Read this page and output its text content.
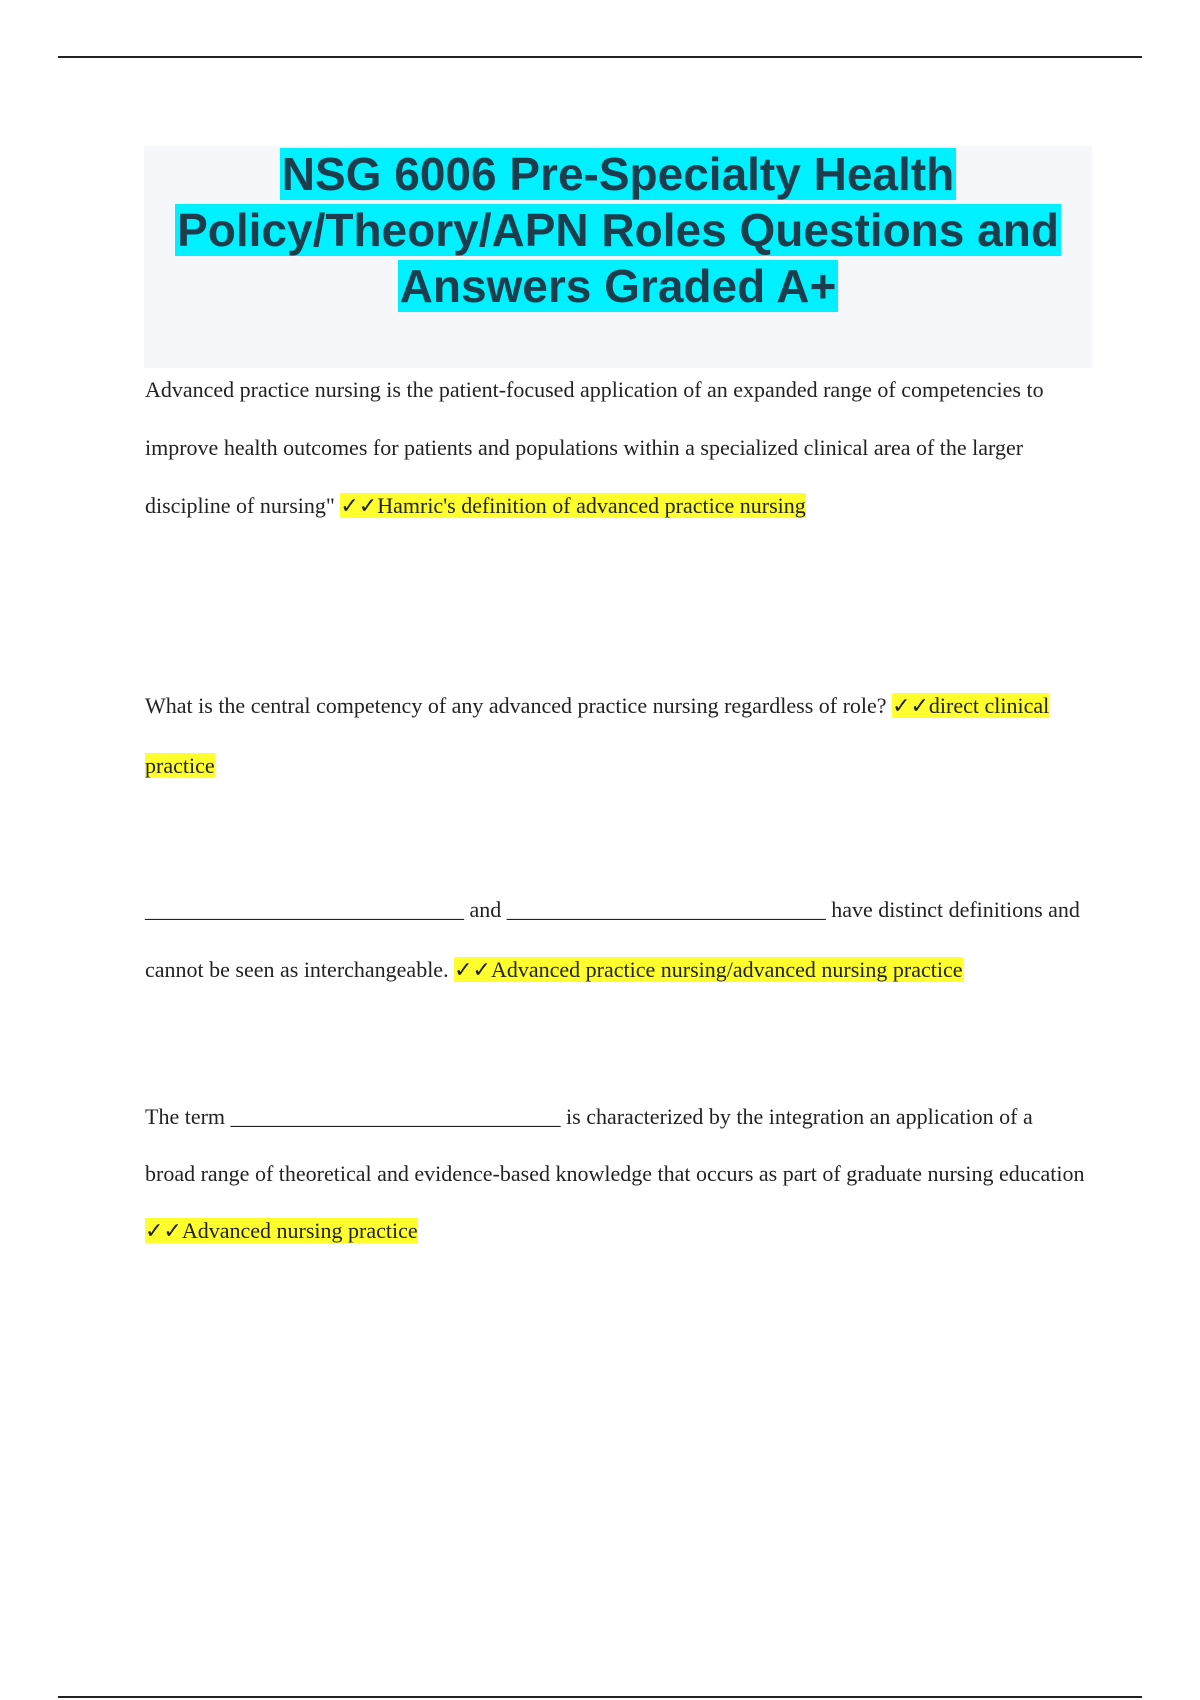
NSG 6006 Pre-Specialty Health
Policy/Theory/APN Roles Questions and
Answers Graded A+

Advanced practice nursing is the patient-focused application of an expanded range of competencies to improve health outcomes for patients and populations within a specialized clinical area of the larger discipline of nursing" ✓✓Hamric's definition of advanced practice nursing

What is the central competency of any advanced practice nursing regardless of role? ✓✓direct clinical practice

_____________________________ and _____________________________ have distinct definitions and cannot be seen as interchangeable. ✓✓Advanced practice nursing/advanced nursing practice

The term ______________________________ is characterized by the integration an application of a broad range of theoretical and evidence-based knowledge that occurs as part of graduate nursing education ✓✓Advanced nursing practice
